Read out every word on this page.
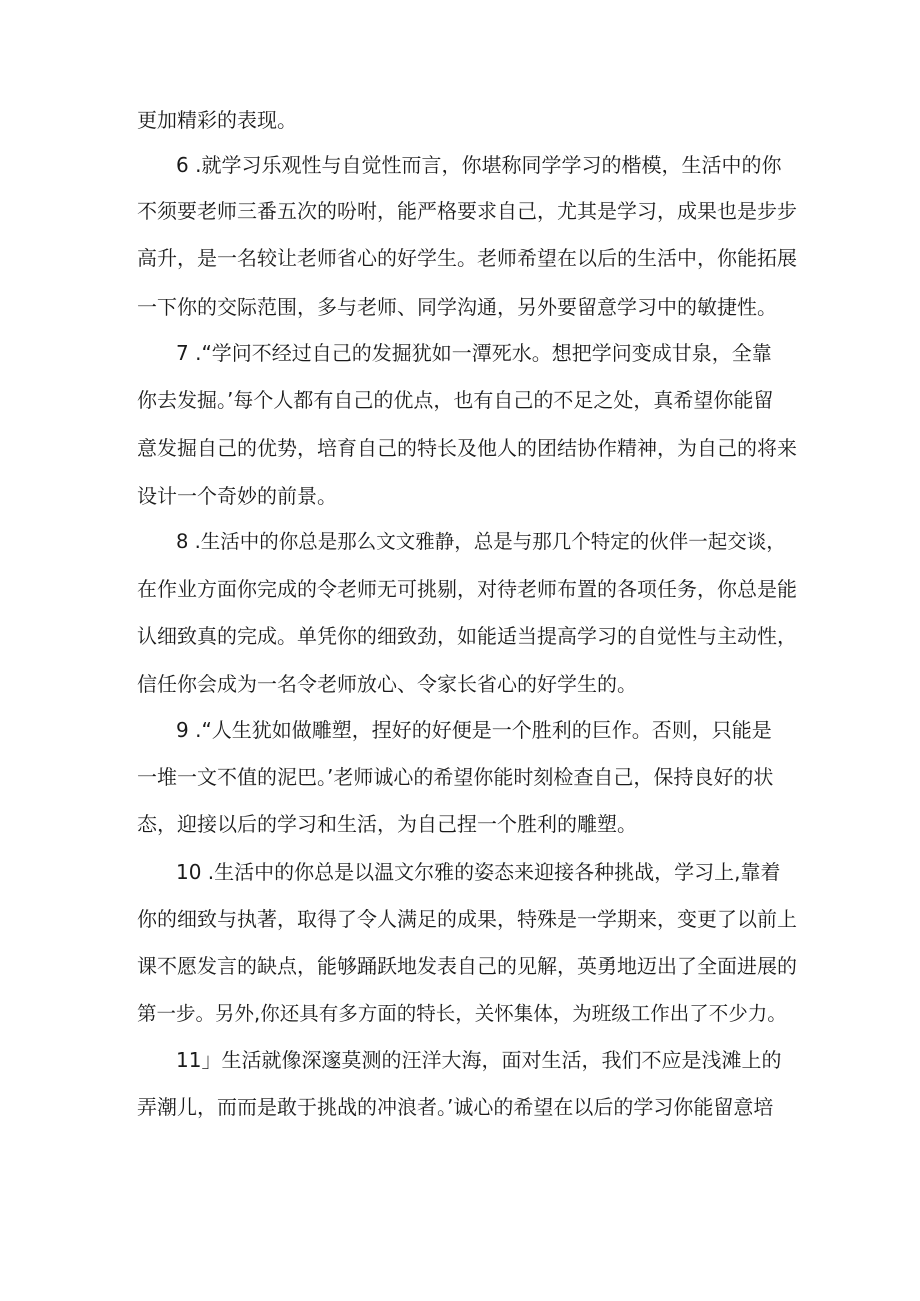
更加精彩的表现。

6 .就学习乐观性与自觉性而言，你堪称同学学习的楷模，生活中的你

不须要老师三番五次的吩咐，能严格要求自己，尤其是学习，成果也是步步

高升，是一名较让老师省心的好学生。老师希望在以后的生活中，你能拓展

一下你的交际范围，多与老师、同学沟通，另外要留意学习中的敏捷性。

7 .“学问不经过自己的发掘犹如一潭死水。想把学问变成甘泉，全靠

你去发掘。’每个人都有自己的优点，也有自己的不足之处，真希望你能留

意发掘自己的优势，培育自己的特长及他人的团结协作精神，为自己的将来

设计一个奇妙的前景。

8 .生活中的你总是那么文文雅静，总是与那几个特定的伙伴一起交谈，

在作业方面你完成的令老师无可挑剔，对待老师布置的各项任务，你总是能

认细致真的完成。单凭你的细致劲，如能适当提高学习的自觉性与主动性，

信任你会成为一名令老师放心、令家长省心的好学生的。

9 .“人生犹如做雕塑，捏好的好便是一个胜利的巨作。否则，只能是

一堆一文不值的泥巴。’老师诚心的希望你能时刻检查自己，保持良好的状

态，迎接以后的学习和生活，为自己捏一个胜利的雕塑。

10 .生活中的你总是以温文尔雅的姿态来迎接各种挑战，学习上,靠着

你的细致与执著，取得了令人满足的成果，特殊是一学期来，变更了以前上

课不愿发言的缺点，能够踊跃地发表自己的见解，英勇地迈出了全面进展的

第一步。另外,你还具有多方面的特长，关怀集体，为班级工作出了不少力。

11」生活就像深邃莫测的汪洋大海，面对生活，我们不应是浅滩上的

弄潮儿，而而是敢于挑战的冲浪者。’诚心的希望在以后的学习你能留意培
